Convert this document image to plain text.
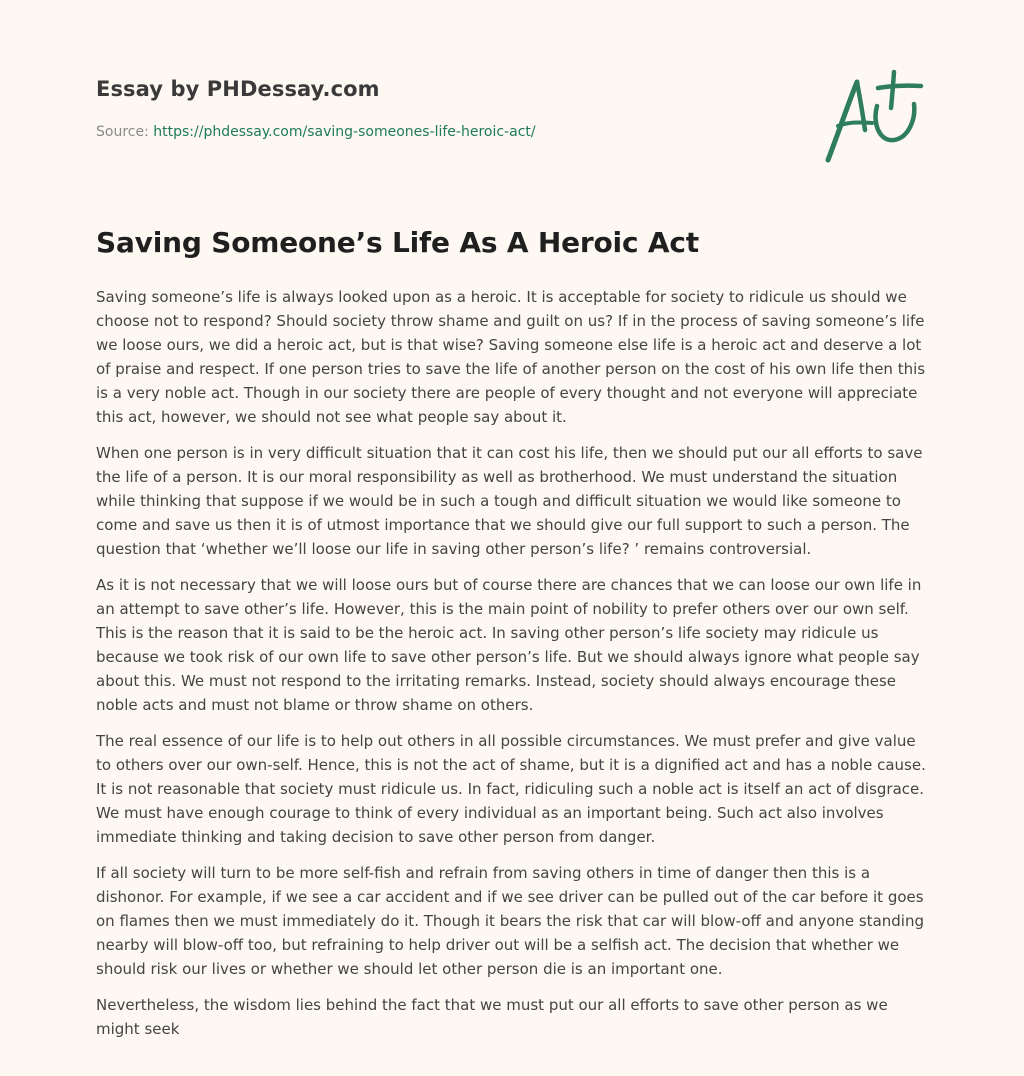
Essay by PHDessay.com
Source: https://phdessay.com/saving-someones-life-heroic-act/
Saving Someone’s Life As A Heroic Act

Saving someone’s life is always looked upon as a heroic. It is acceptable for society to ridicule us should we choose not to respond? Should society throw shame and guilt on us? If in the process of saving someone’s life we loose ours, we did a heroic act, but is that wise? Saving someone else life is a heroic act and deserve a lot of praise and respect. If one person tries to save the life of another person on the cost of his own life then this is a very noble act. Though in our society there are people of every thought and not everyone will appreciate this act, however, we should not see what people say about it.

When one person is in very difficult situation that it can cost his life, then we should put our all efforts to save the life of a person. It is our moral responsibility as well as brotherhood. We must understand the situation while thinking that suppose if we would be in such a tough and difficult situation we would like someone to come and save us then it is of utmost importance that we should give our full support to such a person. The question that ‘whether we’ll loose our life in saving other person’s life? ’ remains controversial.

As it is not necessary that we will loose ours but of course there are chances that we can loose our own life in an attempt to save other’s life. However, this is the main point of nobility to prefer others over our own self. This is the reason that it is said to be the heroic act. In saving other person’s life society may ridicule us because we took risk of our own life to save other person’s life. But we should always ignore what people say about this. We must not respond to the irritating remarks. Instead, society should always encourage these noble acts and must not blame or throw shame on others.

The real essence of our life is to help out others in all possible circumstances. We must prefer and give value to others over our own-self. Hence, this is not the act of shame, but it is a dignified act and has a noble cause. It is not reasonable that society must ridicule us. In fact, ridiculing such a noble act is itself an act of disgrace. We must have enough courage to think of every individual as an important being. Such act also involves immediate thinking and taking decision to save other person from danger.

If all society will turn to be more self-fish and refrain from saving others in time of danger then this is a dishonor. For example, if we see a car accident and if we see driver can be pulled out of the car before it goes on flames then we must immediately do it. Though it bears the risk that car will blow-off and anyone standing nearby will blow-off too, but refraining to help driver out will be a selfish act. The decision that whether we should risk our lives or whether we should let other person die is an important one.

Nevertheless, the wisdom lies behind the fact that we must put our all efforts to save other person as we might seek
